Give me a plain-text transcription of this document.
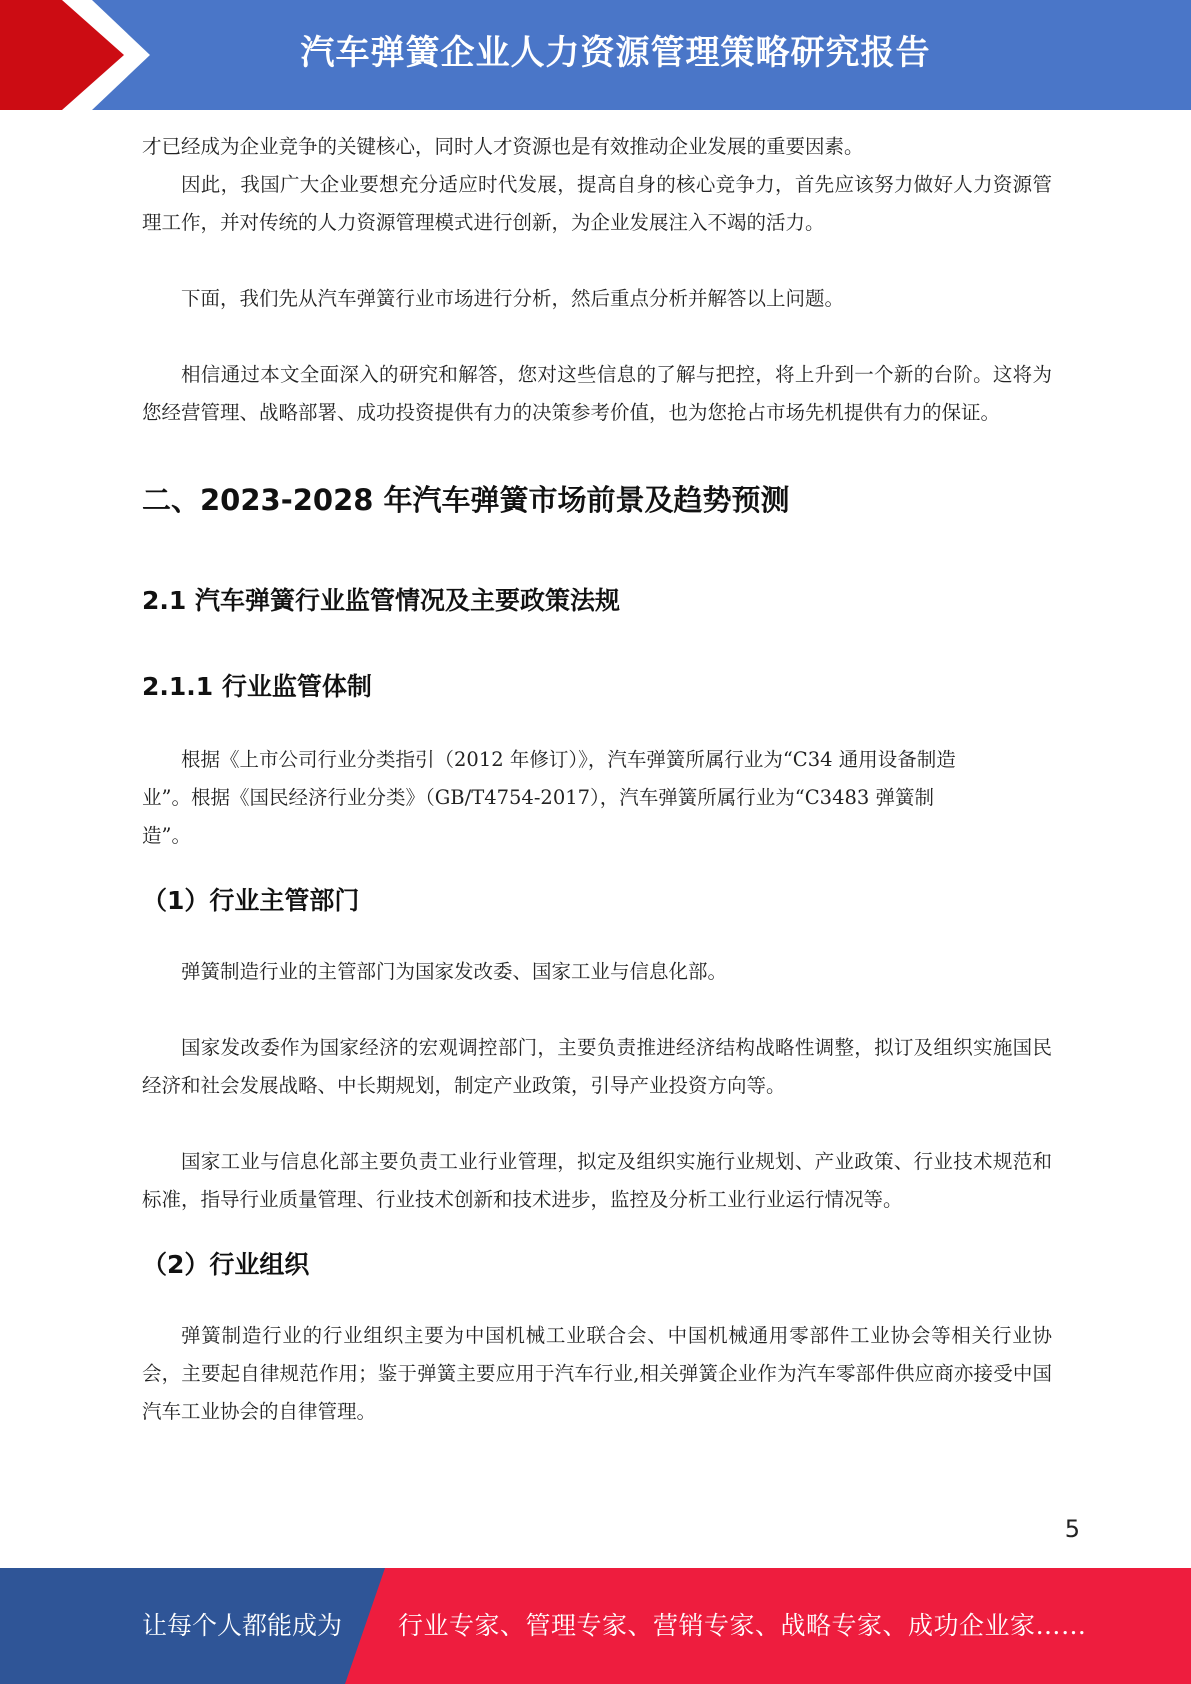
汽车弹簧企业人力资源管理策略研究报告

才已经成为企业竞争的关键核心，同时人才资源也是有效推动企业发展的重要因素。

因此，我国广大企业要想充分适应时代发展，提高自身的核心竞争力，首先应该努力做好人力资源管理工作，并对传统的人力资源管理模式进行创新，为企业发展注入不竭的活力。

下面，我们先从汽车弹簧行业市场进行分析，然后重点分析并解答以上问题。

相信通过本文全面深入的研究和解答，您对这些信息的了解与把控，将上升到一个新的台阶。这将为您经营管理、战略部署、成功投资提供有力的决策参考价值，也为您抢占市场先机提供有力的保证。

二、2023-2028 年汽车弹簧市场前景及趋势预测
2.1 汽车弹簧行业监管情况及主要政策法规
2.1.1 行业监管体制

根据《上市公司行业分类指引（2012 年修订）》，汽车弹簧所属行业为“C34 通用设备制造

业”。根据《国民经济行业分类》（GB/T4754-2017），汽车弹簧所属行业为“C3483 弹簧制

造”。

（1）行业主管部门

弹簧制造行业的主管部门为国家发改委、国家工业与信息化部。

国家发改委作为国家经济的宏观调控部门，主要负责推进经济结构战略性调整，拟订及组织实施国民经济和社会发展战略、中长期规划，制定产业政策，引导产业投资方向等。

国家工业与信息化部主要负责工业行业管理，拟定及组织实施行业规划、产业政策、行业技术规范和标准，指导行业质量管理、行业技术创新和技术进步，监控及分析工业行业运行情况等。

（2）行业组织

弹簧制造行业的行业组织主要为中国机械工业联合会、中国机械通用零部件工业协会等相关行业协会，主要起自律规范作用；鉴于弹簧主要应用于汽车行业,相关弹簧企业作为汽车零部件供应商亦接受中国汽车工业协会的自律管理。

5
让每个人都能成为 行业专家、管理专家、营销专家、战略专家、成功企业家……
